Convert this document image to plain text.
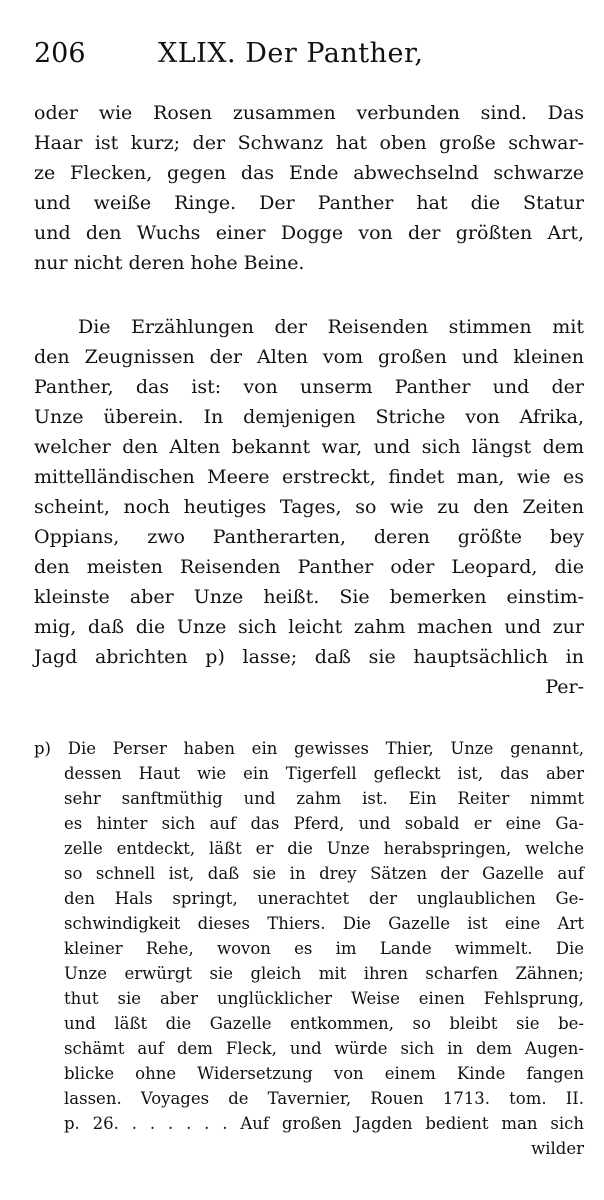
206	XLIX. Der Panther,
oder wie Rosen zusammen verbunden sind. Das
Haar ist kurz; der Schwanz hat oben große schwar-
ze Flecken, gegen das Ende abwechselnd schwarze
und weiße Ringe. Der Panther hat die Statur
und den Wuchs einer Dogge von der größten Art,
nur nicht deren hohe Beine.
Die Erzählungen der Reisenden stimmen mit
den Zeugnissen der Alten vom großen und kleinen
Panther, das ist: von unserm Panther und der
Unze überein. In demjenigen Striche von Afrika,
welcher den Alten bekannt war, und sich längst dem
mittelländischen Meere erstreckt, findet man, wie es
scheint, noch heutiges Tages, so wie zu den Zeiten
Oppians, zwo Pantherarten, deren größte bey
den meisten Reisenden Panther oder Leopard, die
kleinste aber Unze heißt. Sie bemerken einstim-
mig, daß die Unze sich leicht zahm machen und zur
Jagd abrichten p) lasse; daß sie hauptsächlich in
Per-
p) Die Perser haben ein gewisses Thier, Unze genannt,
dessen Haut wie ein Tigerfell gefleckt ist, das aber
sehr sanftmüthig und zahm ist. Ein Reiter nimmt
es hinter sich auf das Pferd, und sobald er eine Ga-
zelle entdeckt, läßt er die Unze herabspringen, welche
so schnell ist, daß sie in drey Sätzen der Gazelle auf
den Hals springt, unerachtet der unglaublichen Ge-
schwindigkeit dieses Thiers. Die Gazelle ist eine Art
kleiner Rehe, wovon es im Lande wimmelt. Die
Unze erwürgt sie gleich mit ihren scharfen Zähnen;
thut sie aber unglücklicher Weise einen Fehlsprung,
und läßt die Gazelle entkommen, so bleibt sie be-
schämt auf dem Fleck, und würde sich in dem Augen-
blicke ohne Widersetzung von einem Kinde fangen
lassen. Voyages de Tavernier, Rouen 1713. tom. II.
p. 26. . . . . . . Auf großen Jagden bedient man sich
wilder
